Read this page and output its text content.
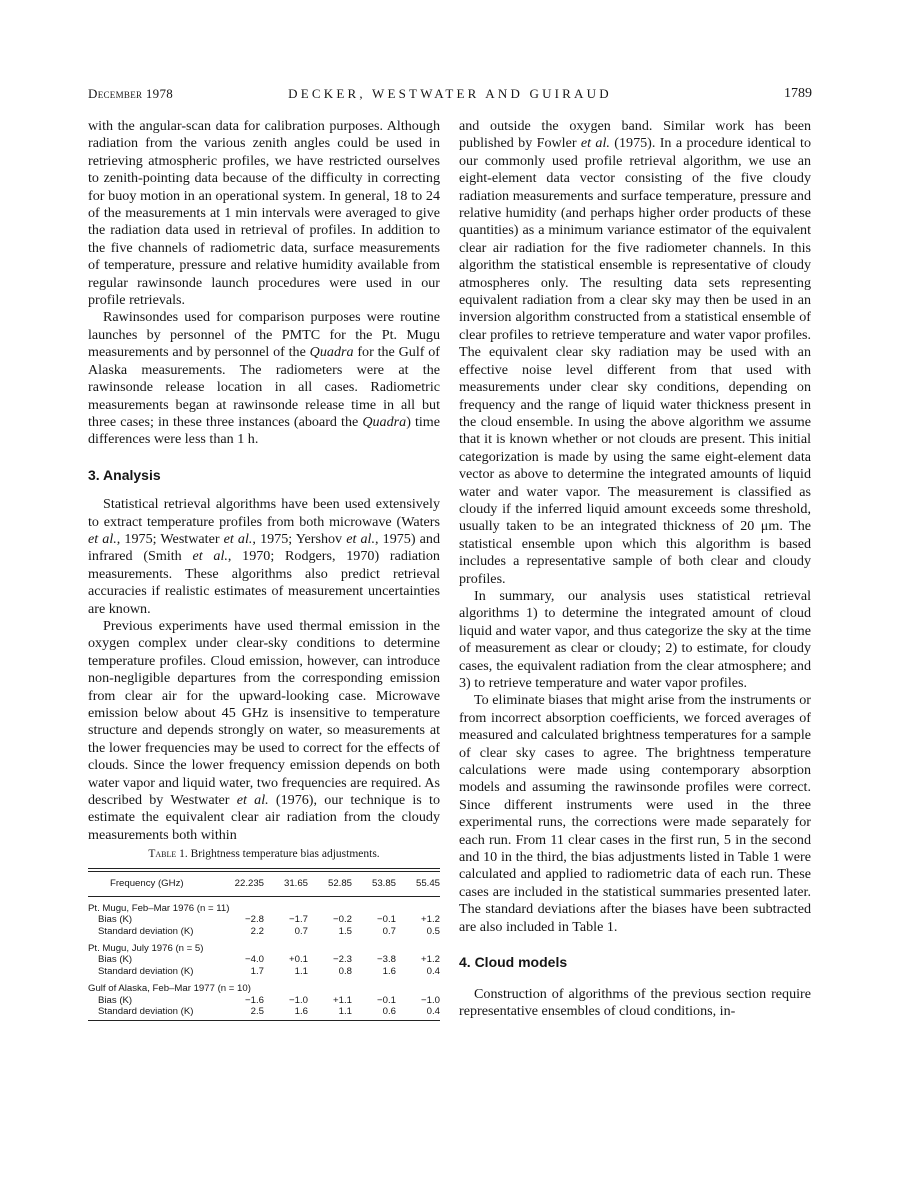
December 1978	DECKER, WESTWATER AND GUIRAUD	1789

with the angular-scan data for calibration purposes. Although radiation from the various zenith angles could be used in retrieving atmospheric profiles, we have restricted ourselves to zenith-pointing data because of the difficulty in correcting for buoy motion in an operational system. In general, 18 to 24 of the measurements at 1 min intervals were averaged to give the radiation data used in retrieval of profiles. In addition to the five channels of radiometric data, surface measurements of temperature, pressure and relative humidity available from regular rawinsonde launch procedures were used in our profile retrievals.

Rawinsondes used for comparison purposes were routine launches by personnel of the PMTC for the Pt. Mugu measurements and by personnel of the Quadra for the Gulf of Alaska measurements. The radiometers were at the rawinsonde release location in all cases. Radiometric measurements began at rawinsonde release time in all but three cases; in these three instances (aboard the Quadra) time differences were less than 1 h.

3. Analysis

Statistical retrieval algorithms have been used extensively to extract temperature profiles from both microwave (Waters et al., 1975; Westwater et al., 1975; Yershov et al., 1975) and infrared (Smith et al., 1970; Rodgers, 1970) radiation measurements. These algorithms also predict retrieval accuracies if realistic estimates of measurement uncertainties are known.

Previous experiments have used thermal emission in the oxygen complex under clear-sky conditions to determine temperature profiles. Cloud emission, however, can introduce non-negligible departures from the corresponding emission from clear air for the upward-looking case. Microwave emission below about 45 GHz is insensitive to temperature structure and depends strongly on water, so measurements at the lower frequencies may be used to correct for the effects of clouds. Since the lower frequency emission depends on both water vapor and liquid water, two frequencies are required. As described by Westwater et al. (1976), our technique is to estimate the equivalent clear air radiation from the cloudy measurements both within

Table 1. Brightness temperature bias adjustments.
Frequency (GHz)	22.235	31.65	52.85	53.85	55.45
Pt. Mugu, Feb–Mar 1976 (n = 11)					
Bias (K)	−2.8	−1.7	−0.2	−0.1	+1.2
Standard deviation (K)	2.2	0.7	1.5	0.7	0.5
Pt. Mugu, July 1976 (n = 5)					
Bias (K)	−4.0	+0.1	−2.3	−3.8	+1.2
Standard deviation (K)	1.7	1.1	0.8	1.6	0.4
Gulf of Alaska, Feb–Mar 1977 (n = 10)					
Bias (K)	−1.6	−1.0	+1.1	−0.1	−1.0
Standard deviation (K)	2.5	1.6	1.1	0.6	0.4

and outside the oxygen band. Similar work has been published by Fowler et al. (1975). In a procedure identical to our commonly used profile retrieval algorithm, we use an eight-element data vector consisting of the five cloudy radiation measurements and surface temperature, pressure and relative humidity (and perhaps higher order products of these quantities) as a minimum variance estimator of the equivalent clear air radiation for the five radiometer channels. In this algorithm the statistical ensemble is representative of cloudy atmospheres only. The resulting data sets representing equivalent radiation from a clear sky may then be used in an inversion algorithm constructed from a statistical ensemble of clear profiles to retrieve temperature and water vapor profiles. The equivalent clear sky radiation may be used with an effective noise level different from that used with measurements under clear sky conditions, depending on frequency and the range of liquid water thickness present in the cloud ensemble. In using the above algorithm we assume that it is known whether or not clouds are present. This initial categorization is made by using the same eight-element data vector as above to determine the integrated amounts of liquid water and water vapor. The measurement is classified as cloudy if the inferred liquid amount exceeds some threshold, usually taken to be an integrated thickness of 20 μm. The statistical ensemble upon which this algorithm is based includes a representative sample of both clear and cloudy profiles.

In summary, our analysis uses statistical retrieval algorithms 1) to determine the integrated amount of cloud liquid and water vapor, and thus categorize the sky at the time of measurement as clear or cloudy; 2) to estimate, for cloudy cases, the equivalent radiation from the clear atmosphere; and 3) to retrieve temperature and water vapor profiles.

To eliminate biases that might arise from the instruments or from incorrect absorption coefficients, we forced averages of measured and calculated brightness temperatures for a sample of clear sky cases to agree. The brightness temperature calculations were made using contemporary absorption models and assuming the rawinsonde profiles were correct. Since different instruments were used in the three experimental runs, the corrections were made separately for each run. From 11 clear cases in the first run, 5 in the second and 10 in the third, the bias adjustments listed in Table 1 were calculated and applied to radiometric data of each run. These cases are included in the statistical summaries presented later. The standard deviations after the biases have been subtracted are also included in Table 1.

4. Cloud models

Construction of algorithms of the previous section require representative ensembles of cloud conditions, in-
